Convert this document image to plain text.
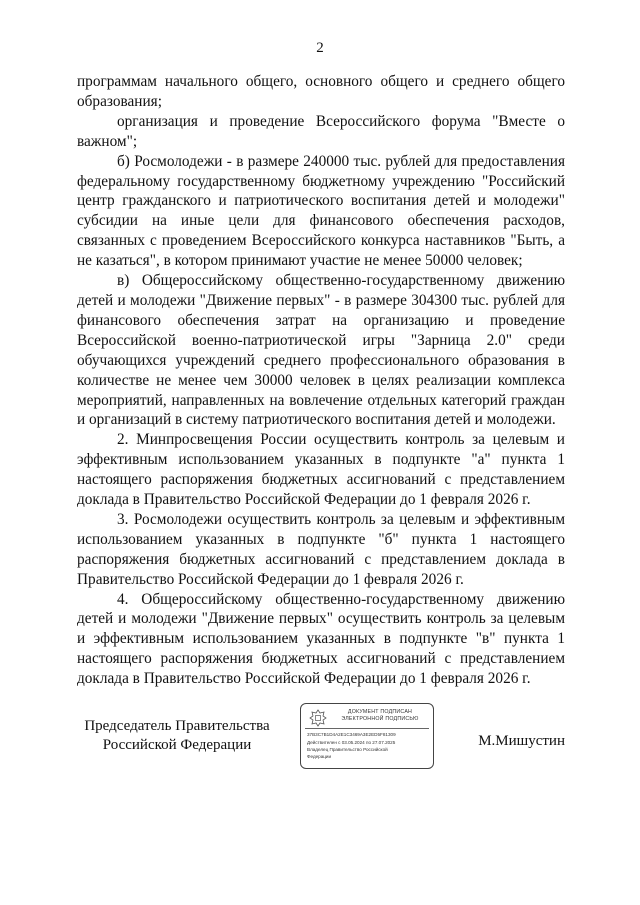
2

программам начального общего, основного общего и среднего общего образования;

организация и проведение Всероссийского форума "Вместе о важном";

б) Росмолодежи - в размере 240000 тыс. рублей для предоставления федеральному государственному бюджетному учреждению "Российский центр гражданского и патриотического воспитания детей и молодежи" субсидии на иные цели для финансового обеспечения расходов, связанных с проведением Всероссийского конкурса наставников "Быть, а не казаться", в котором принимают участие не менее 50000 человек;

в) Общероссийскому общественно-государственному движению детей и молодежи "Движение первых" - в размере 304300 тыс. рублей для финансового обеспечения затрат на организацию и проведение Всероссийской военно-патриотической игры "Зарница 2.0" среди обучающихся учреждений среднего профессионального образования в количестве не менее чем 30000 человек в целях реализации комплекса мероприятий, направленных на вовлечение отдельных категорий граждан и организаций в систему патриотического воспитания детей и молодежи.

2. Минпросвещения России осуществить контроль за целевым и эффективным использованием указанных в подпункте "а" пункта 1 настоящего распоряжения бюджетных ассигнований с представлением доклада в Правительство Российской Федерации до 1 февраля 2026 г.

3. Росмолодежи осуществить контроль за целевым и эффективным использованием указанных в подпункте "б" пункта 1 настоящего распоряжения бюджетных ассигнований с представлением доклада в Правительство Российской Федерации до 1 февраля 2026 г.

4. Общероссийскому общественно-государственному движению детей и молодежи "Движение первых" осуществить контроль за целевым и эффективным использованием указанных в подпункте "в" пункта 1 настоящего распоряжения бюджетных ассигнований с представлением доклада в Правительство Российской Федерации до 1 февраля 2026 г.

Председатель Правительства
Российской Федерации
ДОКУМЕНТ ПОДПИСАН
ЭЛЕКТРОННОЙ ПОДПИСЬЮ
37B3C7B1D4A2E1C3469A3E2ED5F81309
Действителен с 03.05.2024 по 27.07.2025
Владелец Правительство Российской
Федерации
М.Мишустин
